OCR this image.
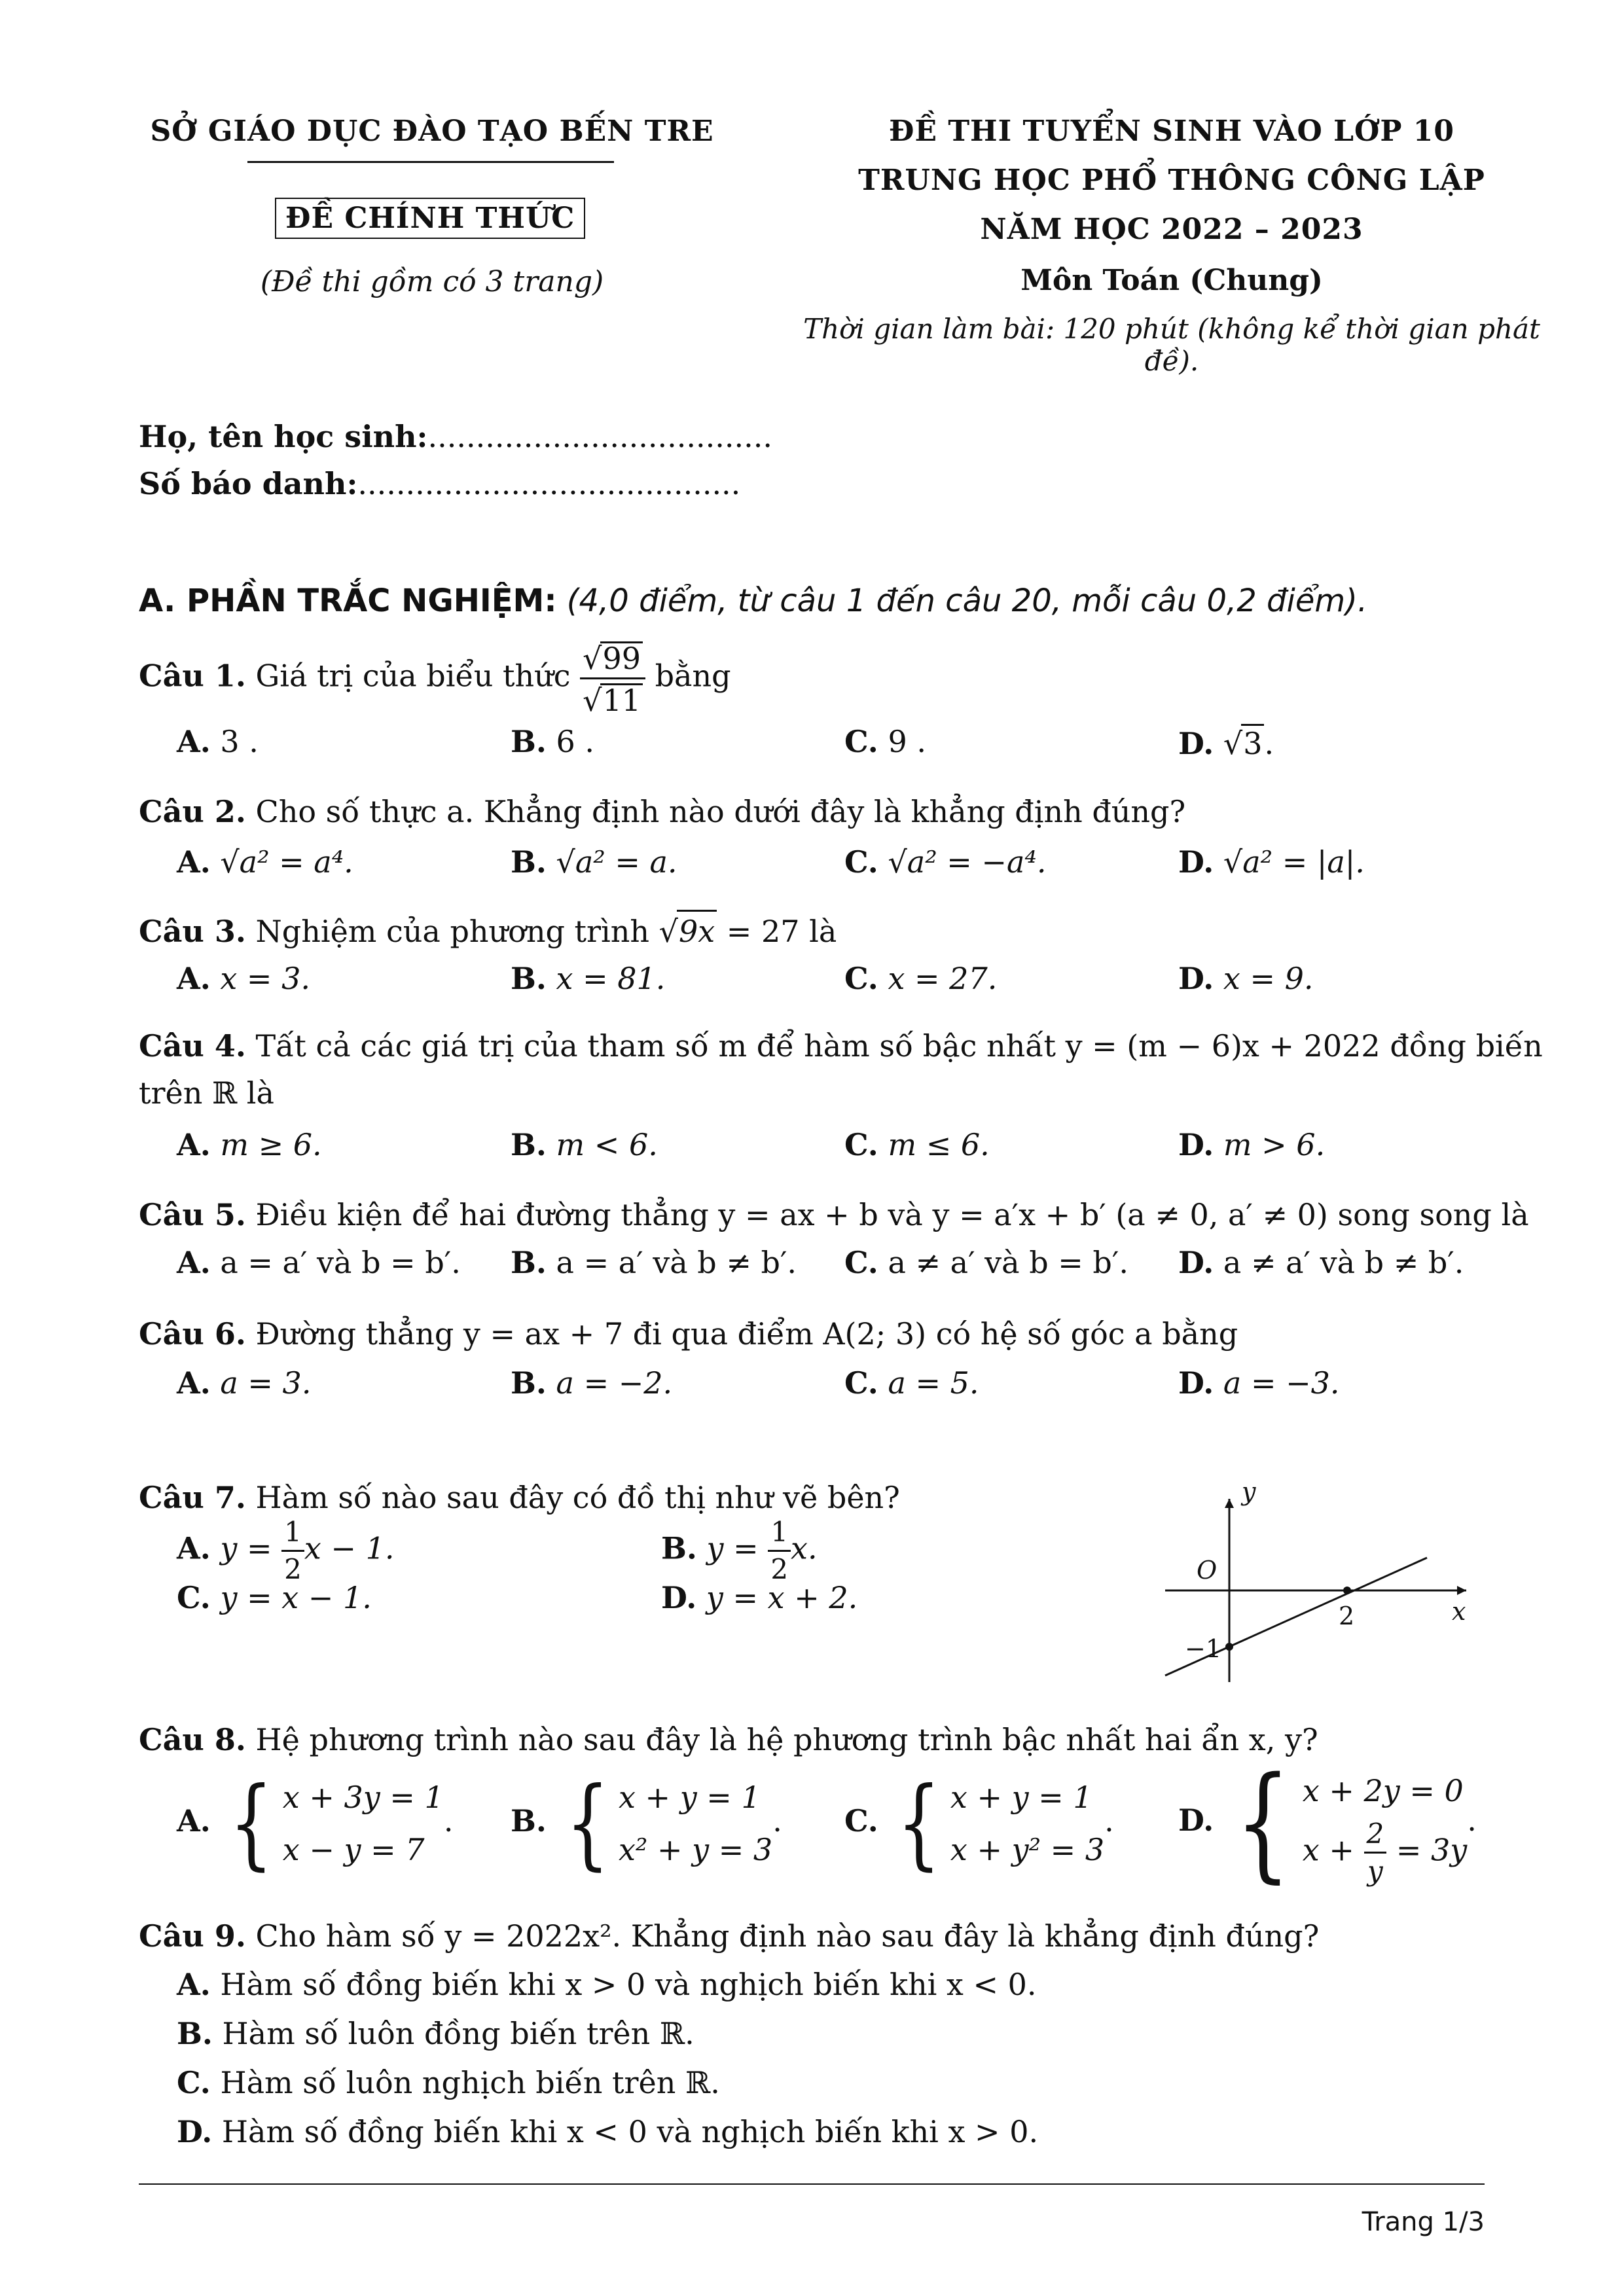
SỞ GIÁO DỤC ĐÀO TẠO BẾN TRE
ĐỀ CHÍNH THỨC
(Đề thi gồm có 3 trang)
ĐỀ THI TUYỂN SINH VÀO LỚP 10
TRUNG HỌC PHỔ THÔNG CÔNG LẬP
NĂM HỌC 2022 – 2023
Môn Toán (Chung)
Thời gian làm bài: 120 phút (không kể thời gian phát đề).
Họ, tên học sinh:....................................
Số báo danh:........................................
A. PHẦN TRẮC NGHIỆM: (4,0 điểm, từ câu 1 đến câu 20, mỗi câu 0,2 điểm).
Câu 1. Giá trị của biểu thức $\frac{√99}{√11}$ bằng
A. 3 .	B. 6 .	C. 9 .	D. √3.
Câu 2. Cho số thực a. Khẳng định nào dưới đây là khẳng định đúng?
A. √a² = a⁴.	B. √a² = a.	C. √a² = −a⁴.	D. √a² = |a|.
Câu 3. Nghiệm của phương trình √9x = 27 là
A. x = 3.	B. x = 81.	C. x = 27.	D. x = 9.
Câu 4. Tất cả các giá trị của tham số m để hàm số bậc nhất y = (m − 6)x + 2022 đồng biến
trên ℝ là
A. m ≥ 6.	B. m < 6.	C. m ≤ 6.	D. m > 6.
Câu 5. Điều kiện để hai đường thẳng y = ax + b và y = a′x + b′ (a ≠ 0, a′ ≠ 0) song song là
A. a = a′ và b = b′. B. a = a′ và b ≠ b′. C. a ≠ a′ và b = b′. D. a ≠ a′ và b ≠ b′.
Câu 6. Đường thẳng y = ax + 7 đi qua điểm A(2; 3) có hệ số góc a bằng
A. a = 3.	B. a = −2.	C. a = 5.	D. a = −3.
Câu 7. Hàm số nào sau đây có đồ thị như vẽ bên?
A. $y = \frac{1}{2}$ x − 1.	B. $y = \frac{1}{2} x$.
C. y = x − 1.	D. y = x + 2.
y
x
O
2
−1
Câu 8. Hệ phương trình nào sau đây là hệ phương trình bậc nhất hai ẩn x, y?
A. { x + 3y = 1
x − y = 7
. B. { x + y = 1
x² + y = 3
. C. { x + y = 1
x + y² = 3
. D. { x + 2y = 0
$x + \frac{2}{y} = 3y$
.
Câu 9. Cho hàm số y = 2022x². Khẳng định nào sau đây là khẳng định đúng?
A. Hàm số đồng biến khi x > 0 và nghịch biến khi x < 0.
B. Hàm số luôn đồng biến trên ℝ.
C. Hàm số luôn nghịch biến trên ℝ.
D. Hàm số đồng biến khi x < 0 và nghịch biến khi x > 0.
Trang 1/3
